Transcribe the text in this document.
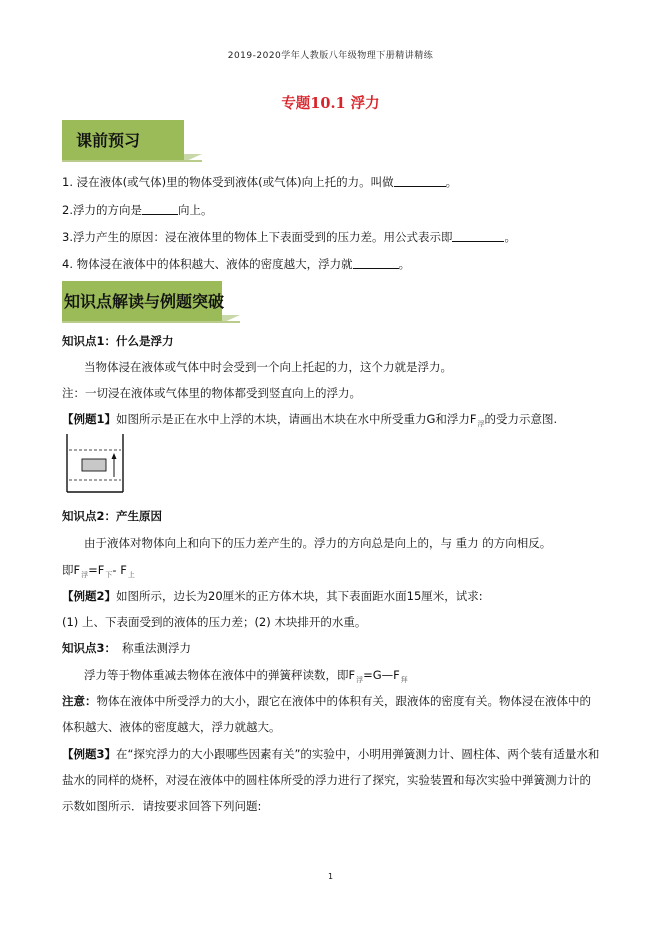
2019-2020学年人教版八年级物理下册精讲精练
专题10.1 浮力
课前预习
1. 浸在液体(或气体)里的物体受到液体(或气体)向上托的力。叫做	。
2.浮力的方向是	向上。
3.浮力产生的原因：浸在液体里的物体上下表面受到的压力差。用公式表示即	。
4. 物体浸在液体中的体积越大、液体的密度越大，浮力就	。
知识点解读与例题突破
知识点1：什么是浮力
当物体浸在液体或气体中时会受到一个向上托起的力，这个力就是浮力。
注：一切浸在液体或气体里的物体都受到竖直向上的浮力。
【例题1】如图所示是正在水中上浮的木块，请画出木块在水中所受重力G和浮力$F_浮$的受力示意图.
知识点2：产生原因
由于液体对物体向上和向下的压力差产生的。浮力的方向总是向上的，与 重力 的方向相反。
即$F_浮=F_下-$ $F_上$
【例题2】如图所示，边长为20厘米的正方体木块，其下表面距水面15厘米，试求:
(1) 上、下表面受到的液体的压力差；(2) 木块排开的水重。
知识点3： 称重法测浮力
浮力等于物体重减去物体在液体中的弹簧秤读数，即$F_浮=G—F_拜$
注意：物体在液体中所受浮力的大小，跟它在液体中的体积有关，跟液体的密度有关。物体浸在液体中的
体积越大、液体的密度越大，浮力就越大。
【例题3】在“探究浮力的大小跟哪些因素有关”的实验中，小明用弹簧测力计、圆柱体、两个装有适量水和
盐水的同样的烧杯，对浸在液体中的圆柱体所受的浮力进行了探究，实验装置和每次实验中弹簧测力计的
示数如图所示．请按要求回答下列问题:
1
